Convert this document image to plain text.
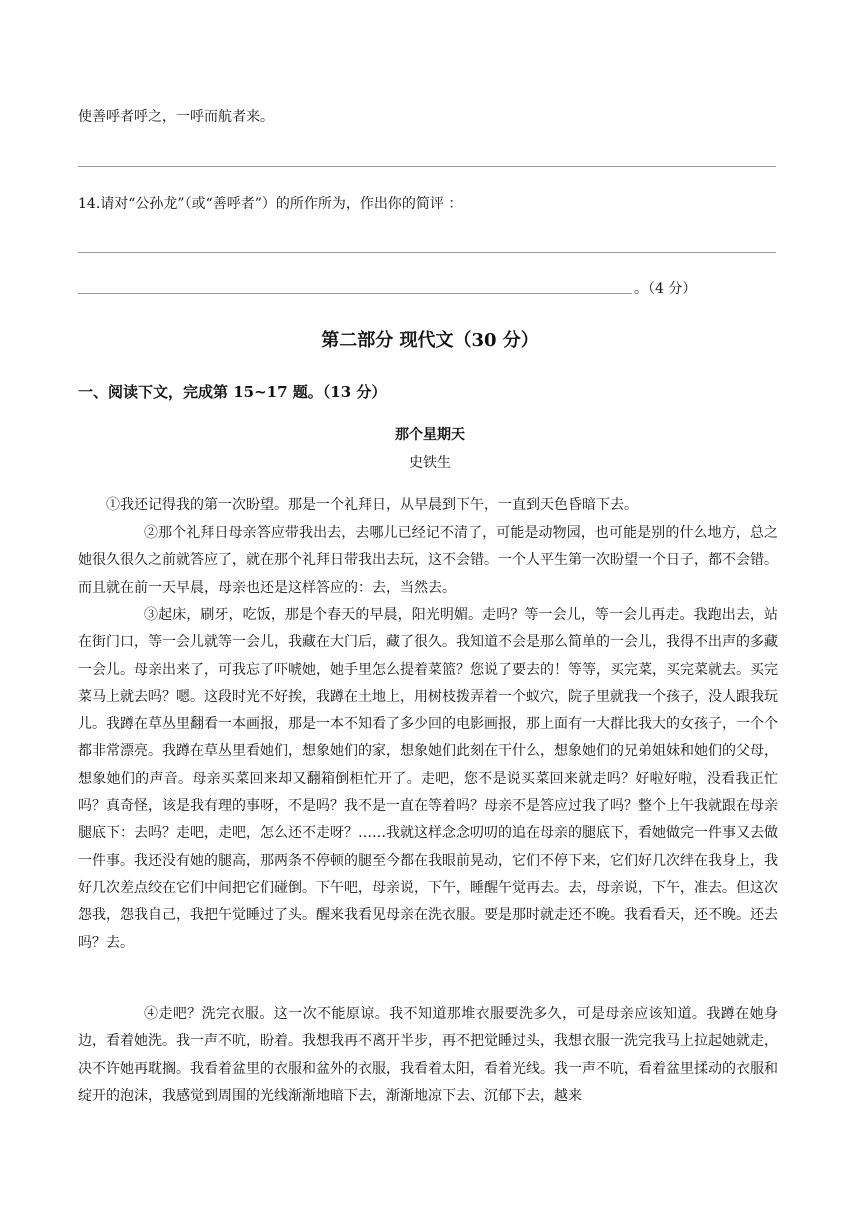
使善呼者呼之，一呼而航者来。
14.请对“公孙龙”（或“善呼者”）的所作所为，作出你的简评 ：
。（4 分）
第二部分 现代文（30 分）
一、阅读下文，完成第 15~17 题。（13 分）
那个星期天
史铁生

①我还记得我的第一次盼望。那是一个礼拜日，从早晨到下午，一直到天色昏暗下去。

②那个礼拜日母亲答应带我出去，去哪儿已经记不清了，可能是动物园，也可能是别的什么地方，总之她很久很久之前就答应了，就在那个礼拜日带我出去玩，这不会错。一个人平生第一次盼望一个日子，都不会错。而且就在前一天早晨，母亲也还是这样答应的：去，当然去。

③起床，刷牙，吃饭，那是个春天的早晨，阳光明媚。走吗？等一会儿，等一会儿再走。我跑出去，站在街门口，等一会儿就等一会儿，我藏在大门后，藏了很久。我知道不会是那么简单的一会儿，我得不出声的多藏一会儿。母亲出来了，可我忘了吓唬她，她手里怎么提着菜篮？您说了要去的！等等，买完菜，买完菜就去。买完菜马上就去吗？嗯。这段时光不好挨，我蹲在土地上，用树枝拨弄着一个蚁穴，院子里就我一个孩子，没人跟我玩儿。我蹲在草丛里翻看一本画报，那是一本不知看了多少回的电影画报，那上面有一大群比我大的女孩子，一个个都非常漂亮。我蹲在草丛里看她们，想象她们的家，想象她们此刻在干什么，想象她们的兄弟姐妹和她们的父母，想象她们的声音。母亲买菜回来却又翻箱倒柜忙开了。走吧，您不是说买菜回来就走吗？好啦好啦，没看我正忙吗？真奇怪，该是我有理的事呀，不是吗？我不是一直在等着吗？母亲不是答应过我了吗？整个上午我就跟在母亲腿底下：去吗？走吧，走吧，怎么还不走呀？……我就这样念念叨叨的追在母亲的腿底下，看她做完一件事又去做一件事。我还没有她的腿高，那两条不停顿的腿至今都在我眼前晃动，它们不停下来，它们好几次绊在我身上，我好几次差点绞在它们中间把它们碰倒。下午吧，母亲说，下午，睡醒午觉再去。去，母亲说，下午，准去。但这次怨我，怨我自己，我把午觉睡过了头。醒来我看见母亲在洗衣服。要是那时就走还不晚。我看看天，还不晚。还去吗？去。

④走吧？洗完衣服。这一次不能原谅。我不知道那堆衣服要洗多久，可是母亲应该知道。我蹲在她身边，看着她洗。我一声不吭，盼着。我想我再不离开半步，再不把觉睡过头，我想衣服一洗完我马上拉起她就走，决不许她再耽搁。我看着盆里的衣服和盆外的衣服，我看着太阳，看着光线。我一声不吭，看着盆里揉动的衣服和绽开的泡沫，我感觉到周围的光线渐渐地暗下去，渐渐地凉下去、沉郁下去，越来
